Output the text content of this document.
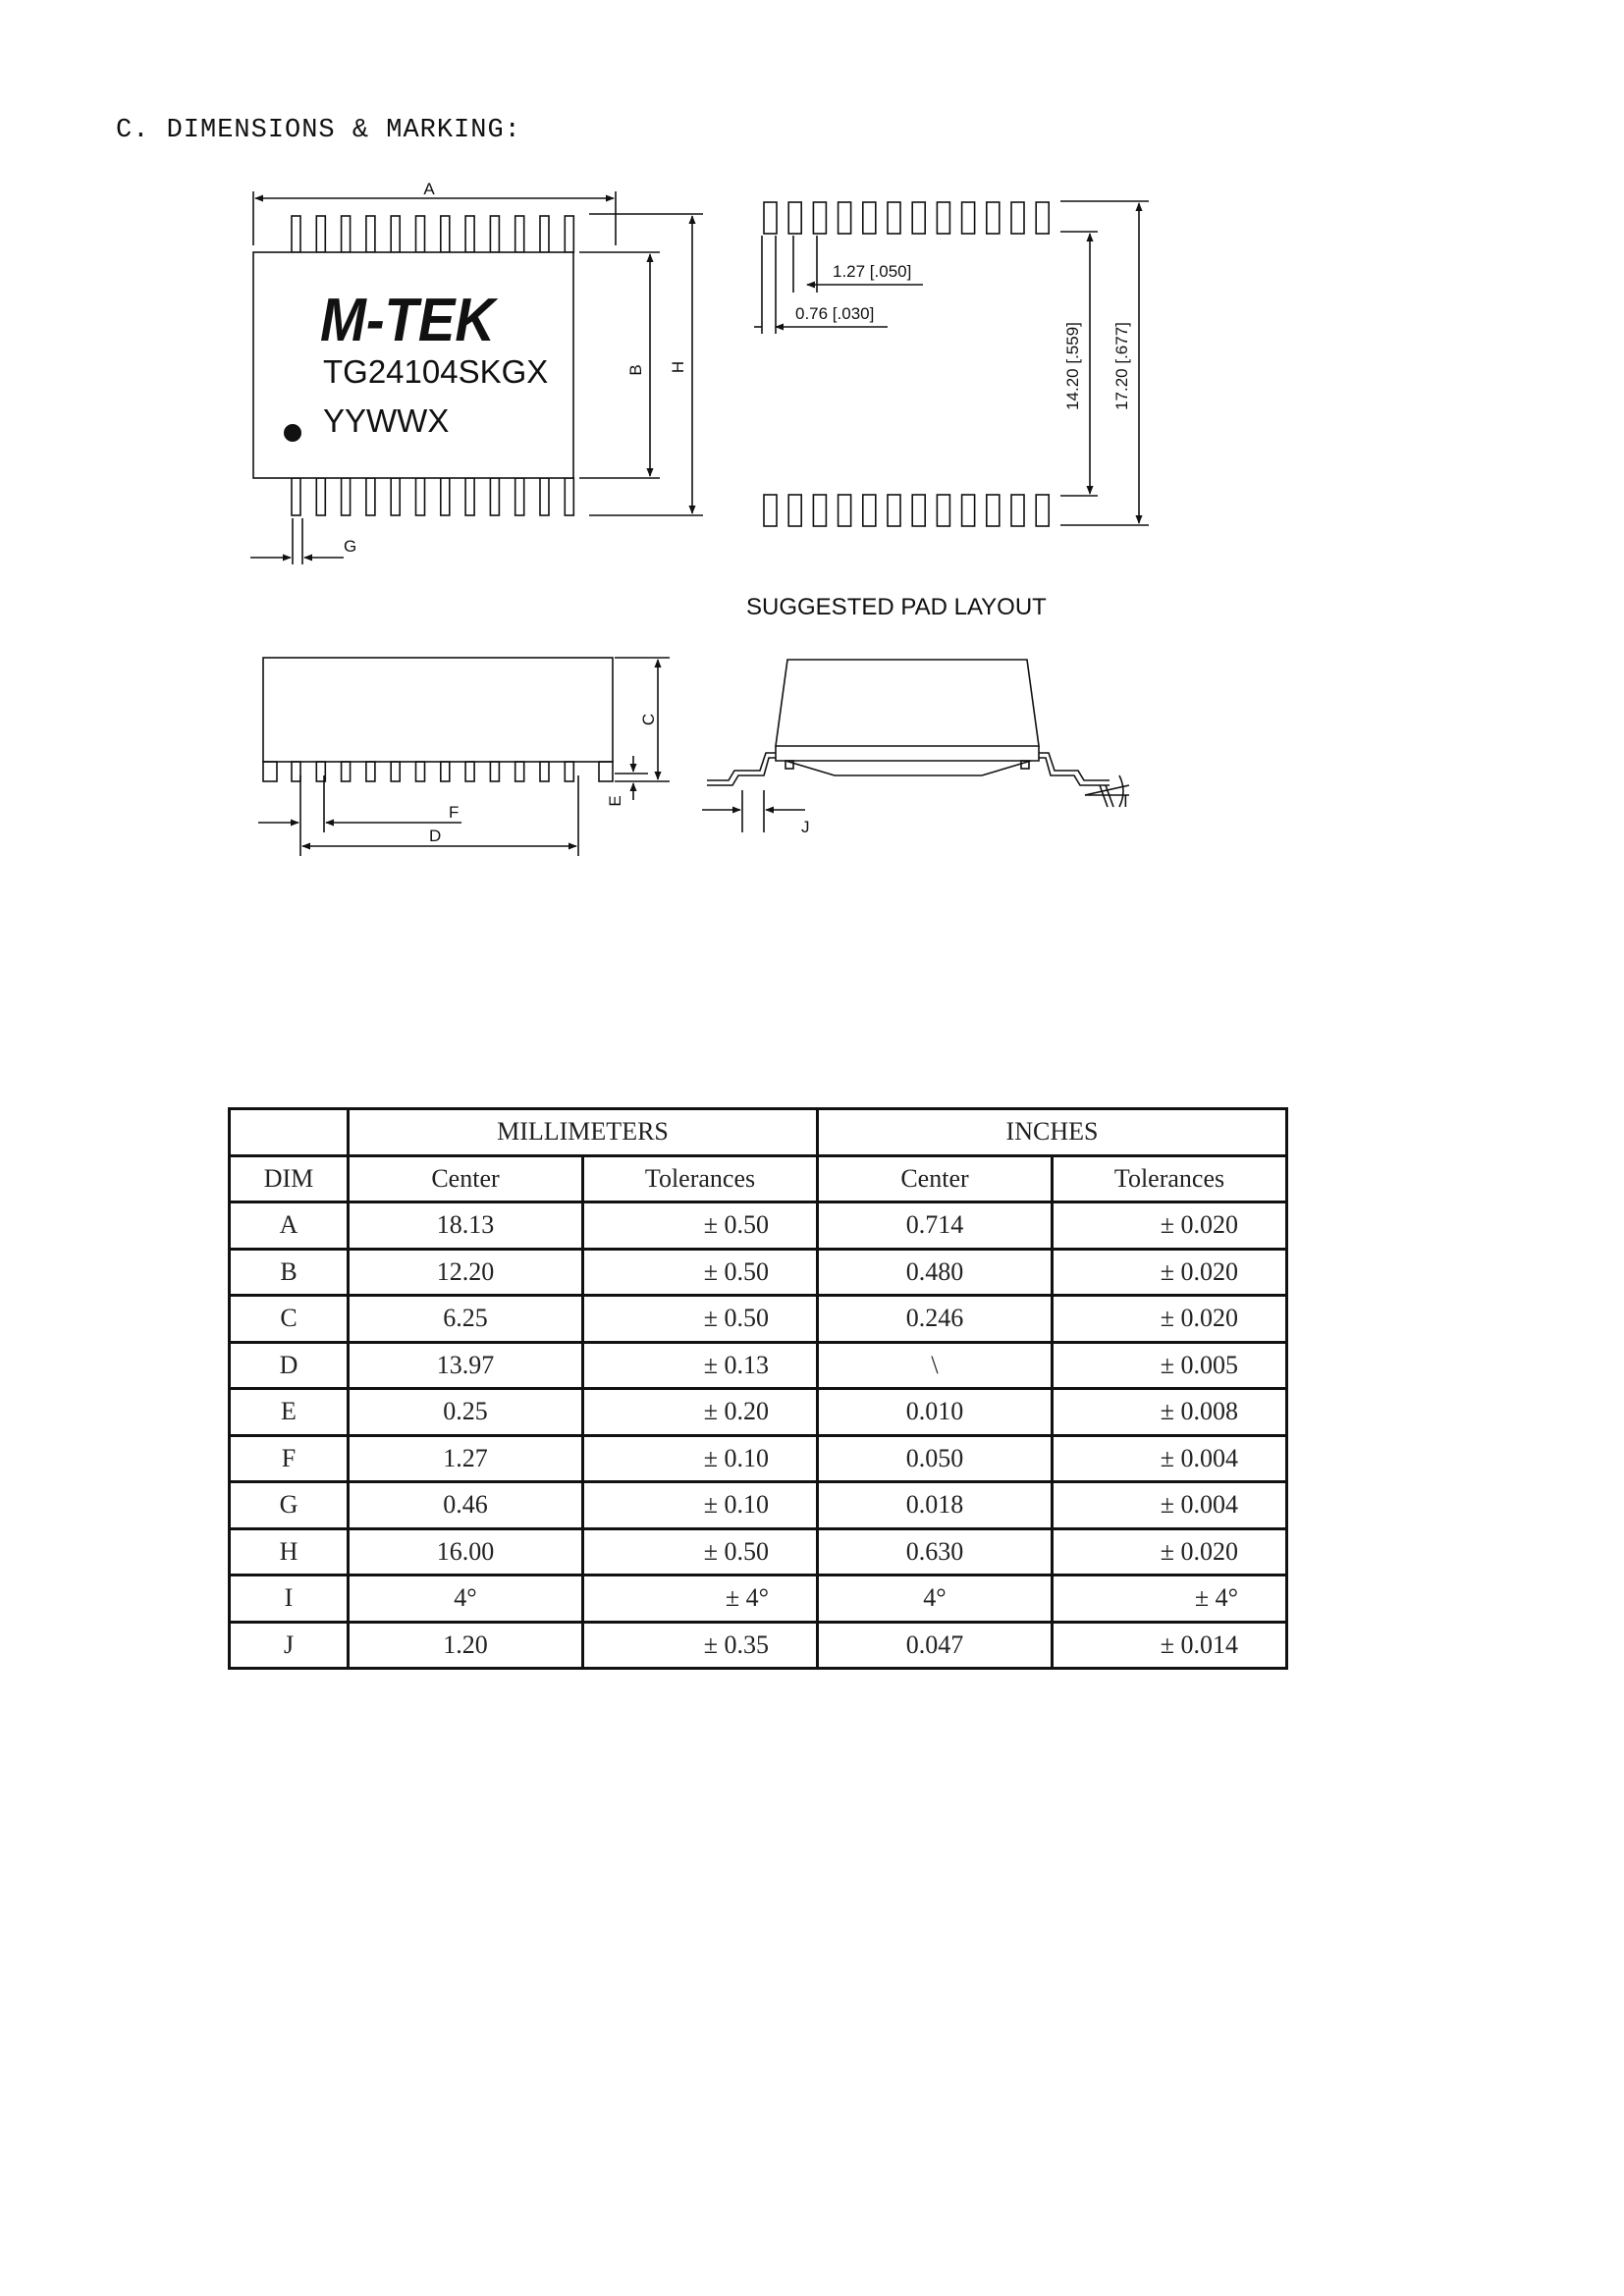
C. DIMENSIONS & MARKING:
A
B H
G
M-TEK
TG24104SKGX
YYWWX
1.27 [.050]
0.76 [.030]
14.20 [.559] 17.20 [.677]
SUGGESTED PAD LAYOUT
C
E
F
D	J
I
	MILLIMETERS		INCHES	
DIM	Center	Tolerances	Center	Tolerances
A	18.13	± 0.50	0.714	± 0.020
B	12.20	± 0.50	0.480	± 0.020
C	6.25	± 0.50	0.246	± 0.020
D	13.97	± 0.13	\	± 0.005
E	0.25	± 0.20	0.010	± 0.008
F	1.27	± 0.10	0.050	± 0.004
G	0.46	± 0.10	0.018	± 0.004
H	16.00	± 0.50	0.630	± 0.020
I	4°	± 4°	4°	± 4°
J	1.20	± 0.35	0.047	± 0.014
